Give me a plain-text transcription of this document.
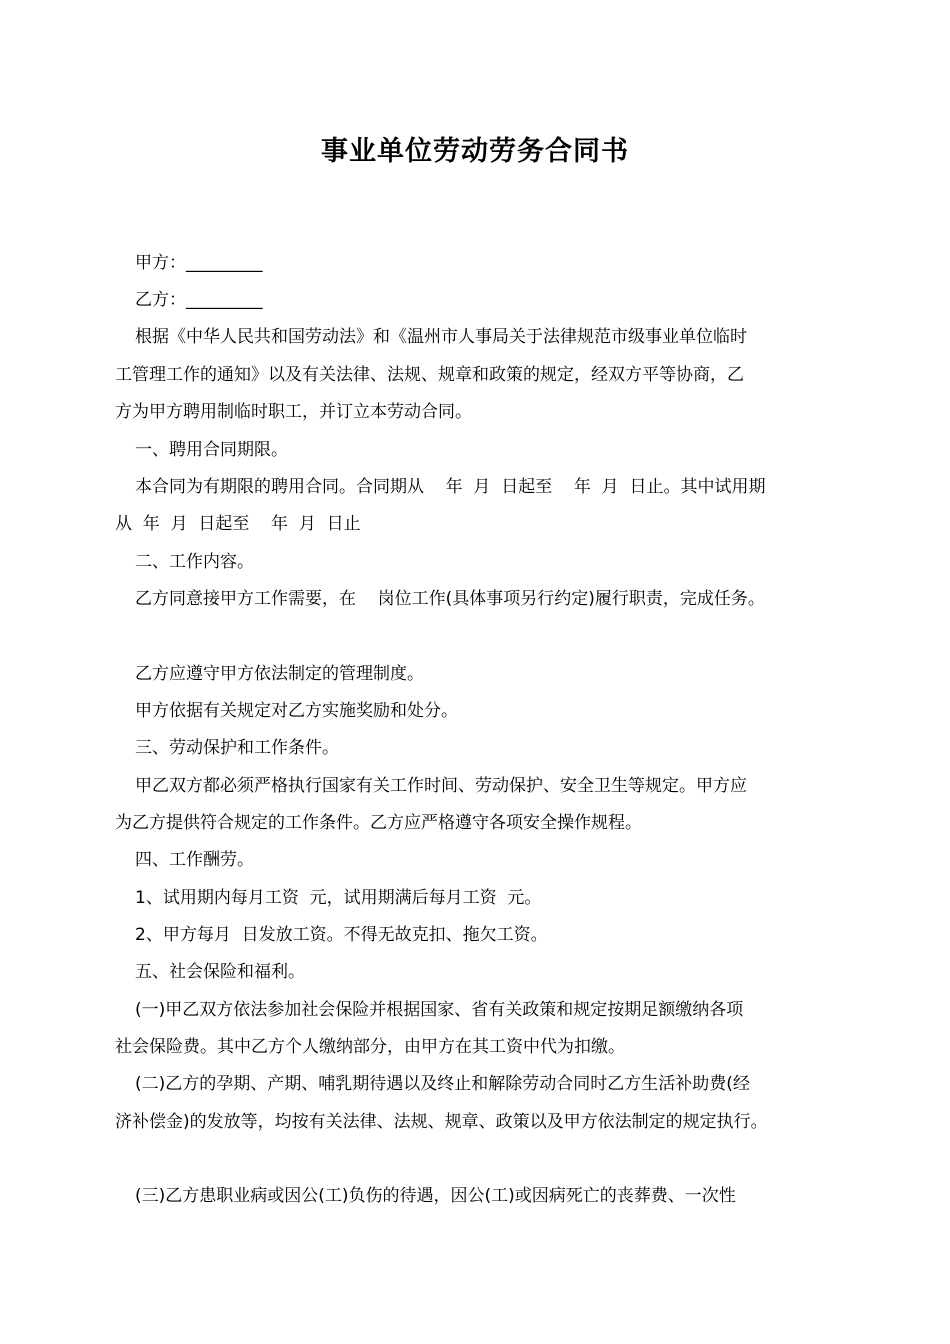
事业单位劳动劳务合同书
甲方：_________
乙方：_________
根据《中华人民共和国劳动法》和《温州市人事局关于法律规范市级事业单位临时
工管理工作的通知》以及有关法律、法规、规章和政策的规定，经双方平等协商，乙
方为甲方聘用制临时职工，并订立本劳动合同。
一、聘用合同期限。
本合同为有期限的聘用合同。合同期从    年  月  日起至    年  月  日止。其中试用期
从  年  月  日起至    年  月  日止
二、工作内容。
乙方同意接甲方工作需要，在    岗位工作(具体事项另行约定)履行职责，完成任务。
乙方应遵守甲方依法制定的管理制度。
甲方依据有关规定对乙方实施奖励和处分。
三、劳动保护和工作条件。
甲乙双方都必须严格执行国家有关工作时间、劳动保护、安全卫生等规定。甲方应
为乙方提供符合规定的工作条件。乙方应严格遵守各项安全操作规程。
四、工作酬劳。
1、试用期内每月工资  元，试用期满后每月工资  元。
2、甲方每月  日发放工资。不得无故克扣、拖欠工资。
五、社会保险和福利。
(一)甲乙双方依法参加社会保险并根据国家、省有关政策和规定按期足额缴纳各项
社会保险费。其中乙方个人缴纳部分，由甲方在其工资中代为扣缴。
(二)乙方的孕期、产期、哺乳期待遇以及终止和解除劳动合同时乙方生活补助费(经
济补偿金)的发放等，均按有关法律、法规、规章、政策以及甲方依法制定的规定执行。
(三)乙方患职业病或因公(工)负伤的待遇，因公(工)或因病死亡的丧葬费、一次性
